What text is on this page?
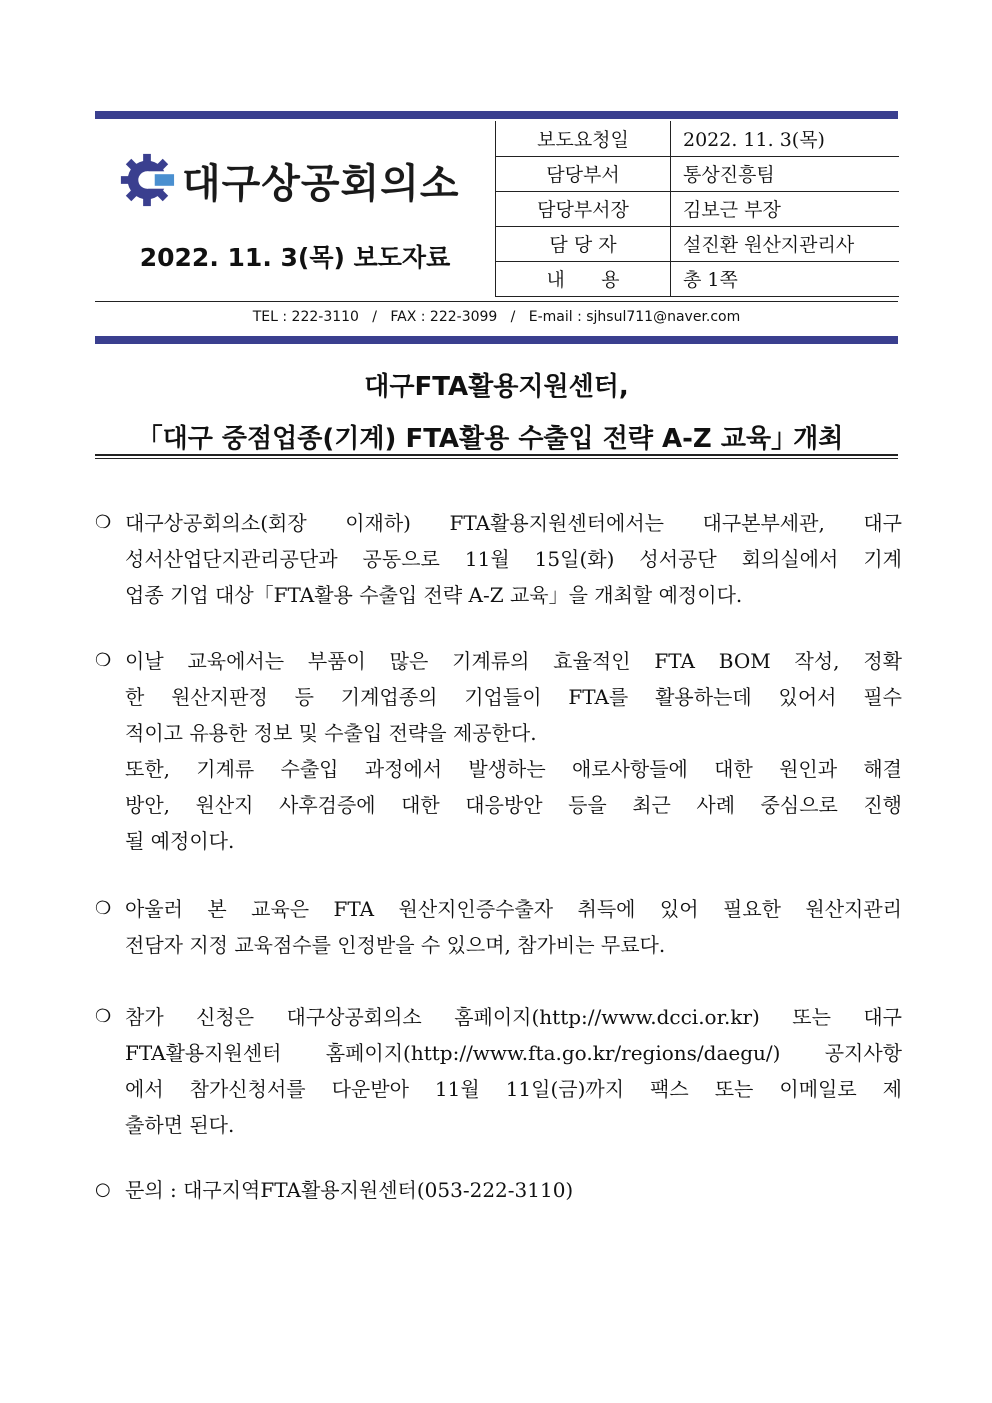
대구상공회의소
2022. 11. 3(목) 보도자료
보도요청일	2022. 11. 3(목)
담당부서	통상진흥팀
담당부서장	김보근 부장
담 당 자	설진환 원산지관리사
내      용	총 1쪽
TEL : 222-3110   /   FAX : 222-3099   /   E-mail : sjhsul711@naver.com
대구FTA활용지원센터,
｢대구 중점업종(기계) FTA활용 수출입 전략 A-Z 교육｣ 개최
❍ 대구상공회의소(회장 이재하) FTA활용지원센터에서는 대구본부세관, 대구
성서산업단지관리공단과 공동으로 11월 15일(화) 성서공단 회의실에서 기계
업종 기업 대상「FTA활용 수출입 전략 A-Z 교육」을 개최할 예정이다.
❍ 이날 교육에서는 부품이 많은 기계류의 효율적인 FTA BOM 작성, 정확
한 원산지판정 등 기계업종의 기업들이 FTA를 활용하는데 있어서 필수
적이고 유용한 정보 및 수출입 전략을 제공한다.
또한, 기계류 수출입 과정에서 발생하는 애로사항들에 대한 원인과 해결
방안, 원산지 사후검증에 대한 대응방안 등을 최근 사례 중심으로 진행
될 예정이다.
❍ 아울러 본 교육은 FTA 원산지인증수출자 취득에 있어 필요한 원산지관리
전담자 지정 교육점수를 인정받을 수 있으며, 참가비는 무료다.
❍ 참가 신청은 대구상공회의소 홈페이지(http://www.dcci.or.kr) 또는 대구
FTA활용지원센터 홈페이지(http://www.fta.go.kr/regions/daegu/) 공지사항
에서 참가신청서를 다운받아 11월 11일(금)까지 팩스 또는 이메일로 제
출하면 된다.
○ 문의 : 대구지역FTA활용지원센터(053-222-3110)
